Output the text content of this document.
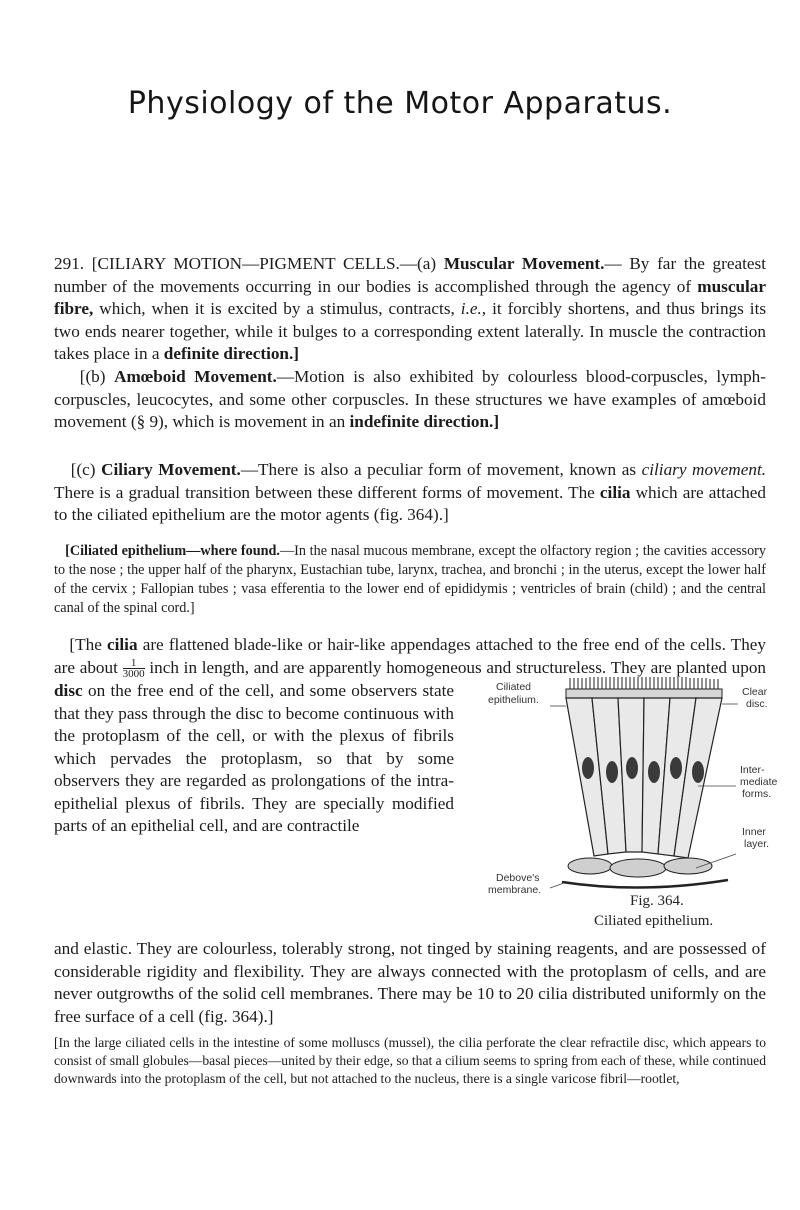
Physiology of the Motor Apparatus.
291. [CILIARY MOTION—PIGMENT CELLS.—(a) Muscular Movement.— By far the greatest number of the movements occurring in our bodies is accomplished through the agency of muscular fibre, which, when it is excited by a stimulus, contracts, i.e., it forcibly shortens, and thus brings its two ends nearer together, while it bulges to a corresponding extent laterally. In muscle the contraction takes place in a definite direction.]
[(b) Amœboid Movement.—Motion is also exhibited by colourless blood-corpuscles, lymph-corpuscles, leucocytes, and some other corpuscles. In these structures we have examples of amœboid movement (§ 9), which is movement in an indefinite direction.]
[(c) Ciliary Movement.—There is also a peculiar form of movement, known as ciliary movement. There is a gradual transition between these different forms of movement. The cilia which are attached to the ciliated epithelium are the motor agents (fig. 364).]
[Ciliated epithelium—where found.—In the nasal mucous membrane, except the olfactory region ; the cavities accessory to the nose ; the upper half of the pharynx, Eustachian tube, larynx, trachea, and bronchi ; in the uterus, except the lower half of the cervix ; Fallopian tubes ; vasa efferentia to the lower end of epididymis ; ventricles of brain (child) ; and the central canal of the spinal cord.]
[The cilia are flattened blade-like or hair-like appendages attached to the free end of the cells. They are about $\frac{1}{3000}$ inch in length, and are apparently homogeneous and structureless. They are planted upon
disc on the free end of the cell, and some observers state that they pass through the disc to become continuous with the protoplasm of the cell, or with the plexus of fibrils which pervades the protoplasm, so that by some observers they are regarded as prolongations of the intra-epithelial plexus of fibrils. They are specially modified parts of an epithelial cell, and are contractile
Ciliated
epithelium.
Clear
disc.
Inter-
mediate
forms.
Inner
layer.
Debove's
membrane.
Fig. 364.
Ciliated epithelium.
and elastic. They are colourless, tolerably strong, not tinged by staining reagents, and are possessed of considerable rigidity and flexibility. They are always connected with the protoplasm of cells, and are never outgrowths of the solid cell membranes. There may be 10 to 20 cilia distributed uniformly on the free surface of a cell (fig. 364).]
[In the large ciliated cells in the intestine of some molluscs (mussel), the cilia perforate the clear refractile disc, which appears to consist of small globules—basal pieces—united by their edge, so that a cilium seems to spring from each of these, while continued downwards into the protoplasm of the cell, but not attached to the nucleus, there is a single varicose fibril—rootlet,
